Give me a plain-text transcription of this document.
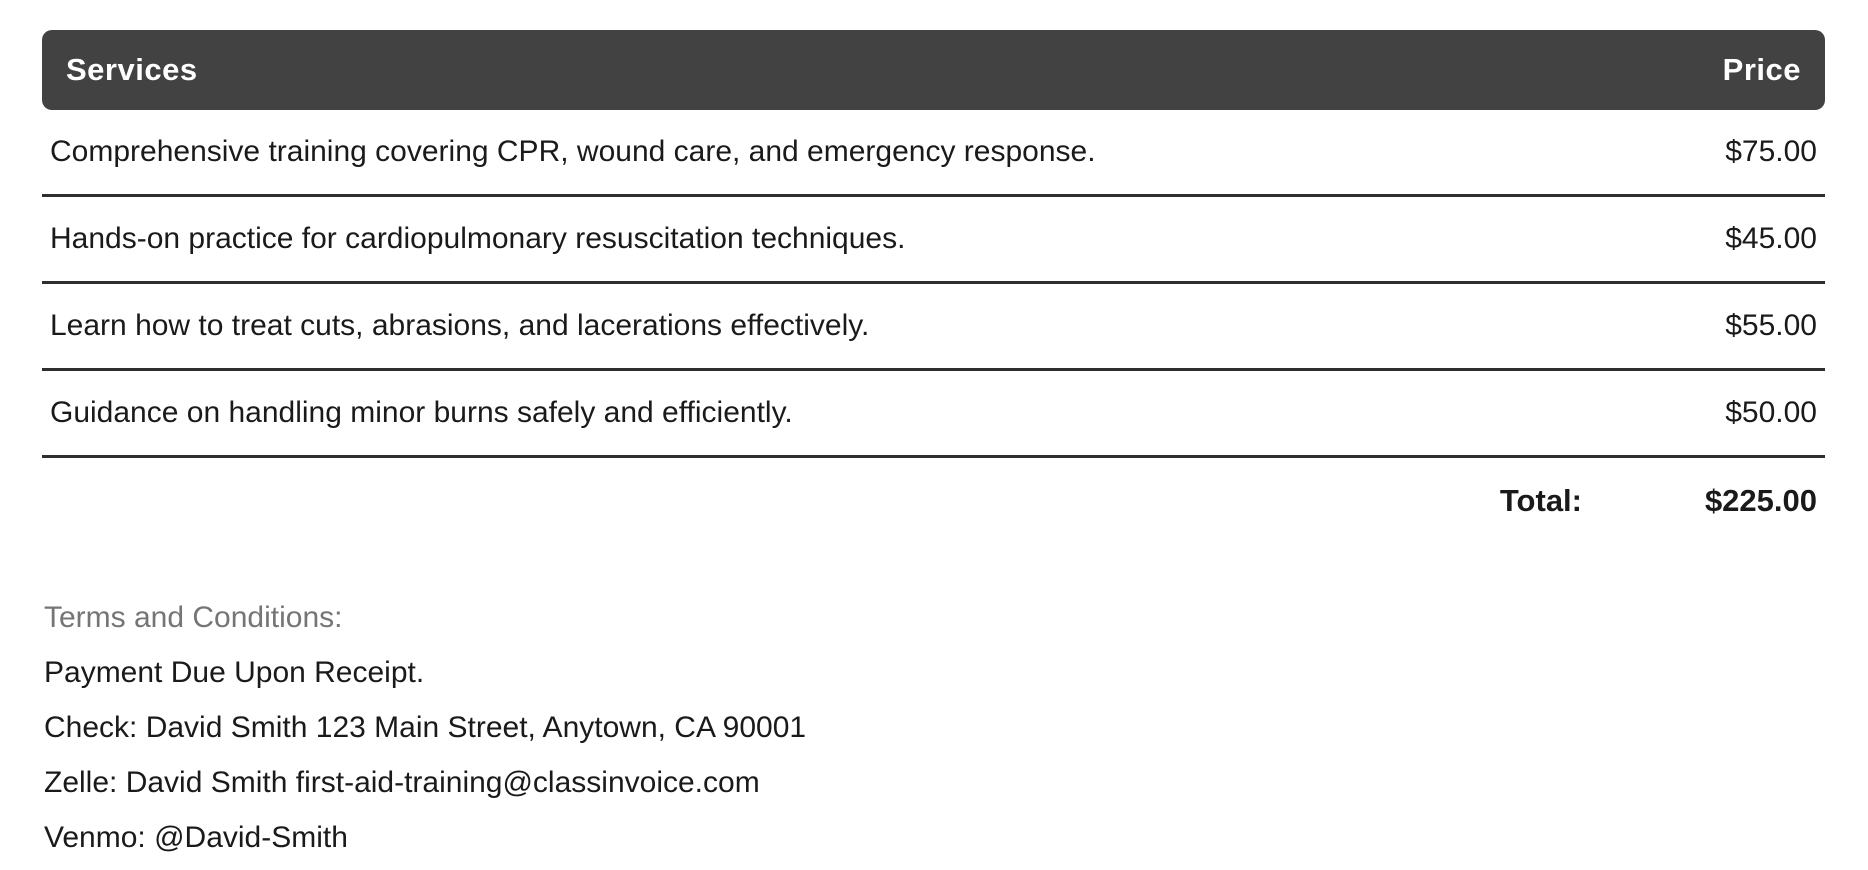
Services	Price
Comprehensive training covering CPR, wound care, and emergency response.	$75.00
Hands-on practice for cardiopulmonary resuscitation techniques.	$45.00
Learn how to treat cuts, abrasions, and lacerations effectively.	$55.00
Guidance on handling minor burns safely and efficiently.	$50.00
Total:	$225.00
Terms and Conditions:
Payment Due Upon Receipt.
Check: David Smith 123 Main Street, Anytown, CA 90001
Zelle: David Smith first-aid-training@classinvoice.com
Venmo: @David-Smith
